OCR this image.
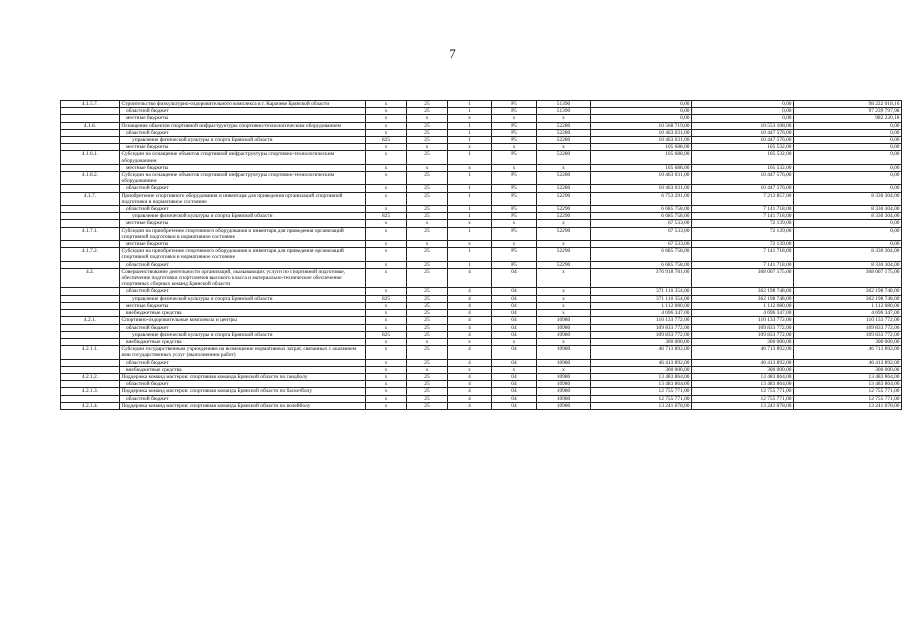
7
4.1.5.7.	Строительство физкультурно-оздоровительного комплекса в г. Карачеве Брянской области	x	25	1	P5	51390	0,00	0,00	98 222 018,16
	областной бюджет	x	25	1	P5	51390	0,00	0,00	97 239 797,98
	местные бюджеты	x	x	x	x	x	0,00	0,00	982 220,18
4.1.6.	Оснащение объектов спортивной инфраструктуры спортивно-технологическим оборудованием	x	25	1	P5	52280	10 568 719,00	10 553 108,00	0,00
	областной бюджет	x	25	1	P5	52280	10 463 031,00	10 447 576,00	0,00
	управление физической культуры и спорта Брянской области	825	25	1	P5	52280	10 463 031,00	10 447 576,00	0,00
	местные бюджеты	x	x	x	x	x	105 688,00	105 532,00	0,00
4.1.6.1.	Субсидии на оснащение объектов спортивной инфраструктуры спортивно-технологическим оборудованием	x	25	1	P5	52280	105 688,00	105 532,00	0,00
	местные бюджеты	x	x	x	x	x	105 688,00	105 532,00	0,00
4.1.6.2.	Субсидии на оснащение объектов спортивной инфраструктуры спортивно-технологическим оборудованием	x	25	1	P5	52280	10 463 031,00	10 447 576,00	0,00
	областной бюджет	x	25	1	P5	52280	10 463 031,00	10 447 576,00	0,00
4.1.7.	Приобретение спортивного оборудования и инвентаря для приведения организаций спортивной подготовки в нормативное состояние	x	25	1	P5	52290	6 753 291,00	7 213 857,00	8 330 304,00
	областной бюджет	x	25	1	P5	52290	6 685 758,00	7 141 718,00	8 330 304,00
	управление физической культуры и спорта Брянской области	825	25	1	P5	52290	6 685 758,00	7 141 718,00	8 330 304,00
	местные бюджеты	x	x	x	x	x	67 533,00	72 139,00	0,00
4.1.7.1.	Субсидии на приобретение спортивного оборудования и инвентаря для приведения организаций спортивной подготовки в нормативное состояние	x	25	1	P5	52290	67 533,00	72 139,00	0,00
	местные бюджеты	x	x	x	x	x	67 533,00	72 139,00	0,00
4.1.7.2.	Субсидии на приобретение спортивного оборудования и инвентаря для приведения организаций спортивной подготовки в нормативное состояние	x	25	1	P5	52290	6 685 758,00	7 141 718,00	8 330 304,00
	областной бюджет	x	25	1	P5	52290	6 685 758,00	7 141 718,00	8 330 304,00
4.2.	Совершенствование деятельности организаций, оказывающих услуги по спортивной подготовке, обеспечение подготовки спортсменов высокого класса и материально-техническое обеспечение спортивных сборных команд Брянской области	x	25	4	04	x	376 918 781,00	368 007 175,00	368 007 175,00
	областной бюджет	x	25	4	04	x	371 110 354,00	362 198 748,00	362 198 748,00
	управление физической культуры и спорта Брянской области	825	25	4	04	x	371 110 354,00	362 198 748,00	362 198 748,00
	местные бюджеты	x	25	4	04	x	1 112 080,00	1 112 080,00	1 112 080,00
	внебюджетные средства	x	25	4	04	x	4 696 347,00	4 696 347,00	4 696 347,00
4.2.1.	Спортивно-оздоровительные комплексы и центры	x	25	4	04	10980	110 133 772,00	110 133 772,00	110 133 772,00
	областной бюджет	x	25	4	04	10980	109 833 772,00	109 833 772,00	109 833 772,00
	управление физической культуры и спорта Брянской области	825	25	4	04	10980	109 833 772,00	109 833 772,00	109 833 772,00
	внебюджетные средства	x	x	x	x	x	300 000,00	300 000,00	300 000,00
4.2.1.1.	Субсидии государственным учреждениям на возмещение нормативных затрат, связанных с оказанием ими государственных услуг (выполнением работ)	x	25	4	04	10980	46 713 892,00	46 713 892,00	46 713 892,00
	областной бюджет	x	25	4	04	10980	46 413 892,00	46 413 892,00	46 413 892,00
	внебюджетные средства	x	x	x	x	x	300 000,00	300 000,00	300 000,00
4.2.1.2.	Поддержка команд мастеров: спортивная команда Брянской области по гандболу	x	25	4	04	10980	13 483 864,00	13 483 864,00	13 483 864,00
	областной бюджет	x	25	4	04	10980	13 483 864,00	13 483 864,00	13 483 864,00
4.2.1.3.	Поддержка команд мастеров: спортивная команда Брянской области по баскетболу	x	25	4	04	10980	12 755 771,00	12 755 771,00	12 755 771,00
	областной бюджет	x	25	4	04	10980	12 755 771,00	12 755 771,00	12 755 771,00
4.2.1.4.	Поддержка команд мастеров: спортивная команда Брянской области по волейболу	x	25	4	04	10980	13 241 078,00	13 241 078,00	13 241 078,00
